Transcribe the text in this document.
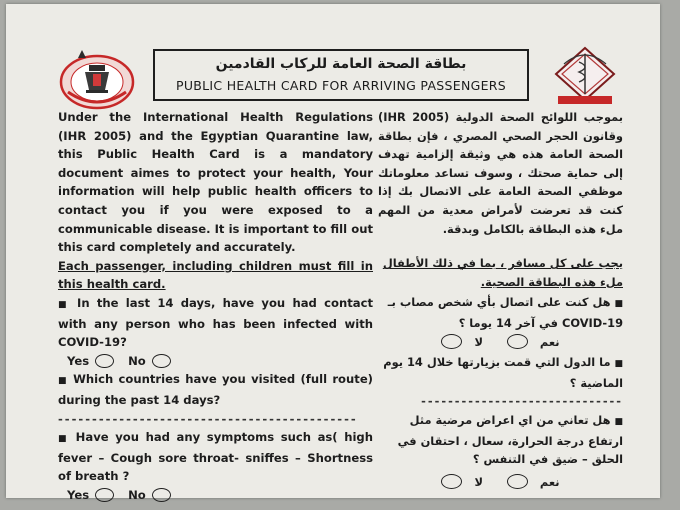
بطاقة الصحة العامة للركاب القادمين
PUBLIC HEALTH CARD FOR ARRIVING PASSENGERS
Under the International Health Regulations (IHR 2005) and the Egyptian Quarantine law, this Public Health Card is a mandatory document aimes to protect your health, Your information will help public health officers to contact you if you were exposed to a communicable disease. It is important to fill out this card completely and accurately.
Each passenger, including children must fill in this health card.
■ In the last 14 days, have you had contact with any person who has been infected with COVID-19?
Yes	No
■ Which countries have you visited (full route) during the past 14 days?
--------------------------------------------
■ Have you had any symptoms such as( high fever – Cough sore throat- sniffes – Shortness of breath ?
Yes	No
بموجب اللوائح الصحة الدولية (IHR 2005) وقانون الحجر الصحي المصري ، فإن بطاقة الصحة العامة هذه هي وثيقة إلزامية تهدف إلى حماية صحتك ، وسوف تساعد معلوماتك موظفي الصحة العامة على الاتصال بك إذا كنت قد تعرضت لأمراض معدية من المهم ملء هذه البطاقة بالكامل وبدقة.
يجب على كل مسافر ، بما في ذلك الأطفال ملء هذه البطاقة الصحية.
■ هل كنت على اتصال بأي شخص مصاب بـ COVID-19 في آخر 14 يوما ؟
نعم
لا
■ ما الدول التي قمت بزيارتها خلال 14 يوم الماضية ؟
------------------------------
■ هل تعاني من اي اعراض مرضية مثل ارتفاع درجة الحرارة، سعال ، احتقان في الحلق – ضيق في التنفس ؟
نعم
لا
